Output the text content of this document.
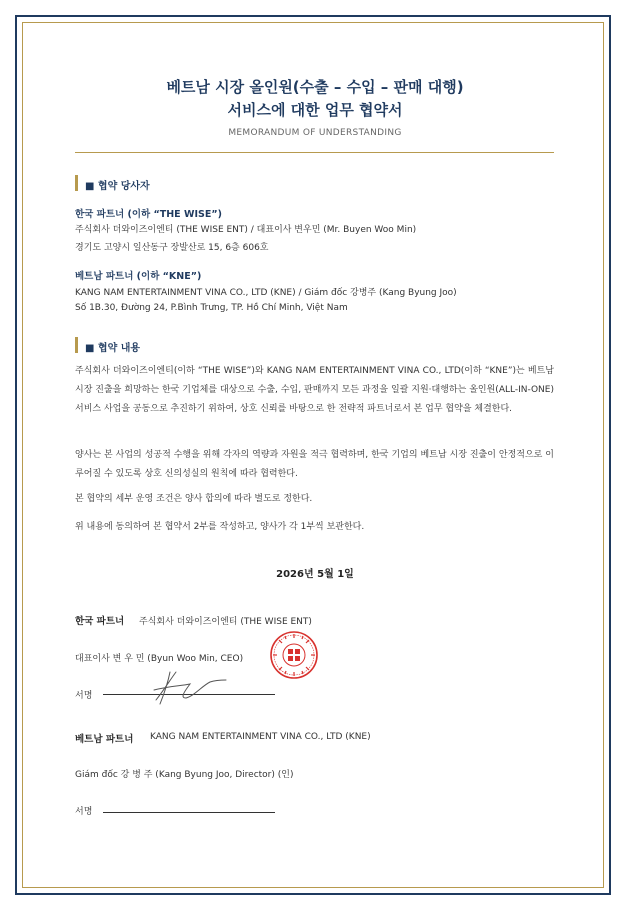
베트남 시장 올인원(수출 – 수입 – 판매 대행)
서비스에 대한 업무 협약서
MEMORANDUM OF UNDERSTANDING
■ 협약 당사자
한국 파트너 (이하 “THE WISE”)
주식회사 더와이즈이엔티 (THE WISE ENT) / 대표이사 변우민 (Mr. Buyen Woo Min)
경기도 고양시 일산동구 장발산로 15, 6층 606호
베트남 파트너 (이하 “KNE”)
KANG NAM ENTERTAINMENT VINA CO., LTD (KNE) / Giám đốc 강병주 (Kang Byung Joo)
Số 1B.30, Đường 24, P.Bình Trưng, TP. Hồ Chí Minh, Việt Nam
■ 협약 내용
주식회사 더와이즈이엔티(이하 “THE WISE”)와 KANG NAM ENTERTAINMENT VINA CO., LTD(이하 “KNE”)는 베트남 시장 진출을 희망하는 한국 기업체를 대상으로 수출, 수입, 판매까지 모든 과정을 일괄 지원·대행하는 올인원(ALL-IN-ONE) 서비스 사업을 공동으로 추진하기 위하여, 상호 신뢰를 바탕으로 한 전략적 파트너로서 본 업무 협약을 체결한다.
양사는 본 사업의 성공적 수행을 위해 각자의 역량과 자원을 적극 협력하며, 한국 기업의 베트남 시장 진출이 안정적으로 이루어질 수 있도록 상호 신의성실의 원칙에 따라 협력한다.
본 협약의 세부 운영 조건은 양사 합의에 따라 별도로 정한다.
위 내용에 동의하여 본 협약서 2부를 작성하고, 양사가 각 1부씩 보관한다.
2026년 5월 1일
한국 파트너 주식회사 더와이즈이엔티 (THE WISE ENT)
대표이사 변 우 민 (Byun Woo Min, CEO)
서명
베트남 파트너 KANG NAM ENTERTAINMENT VINA CO., LTD (KNE)
Giám đốc 강 병 주 (Kang Byung Joo, Director) (인)
서명
